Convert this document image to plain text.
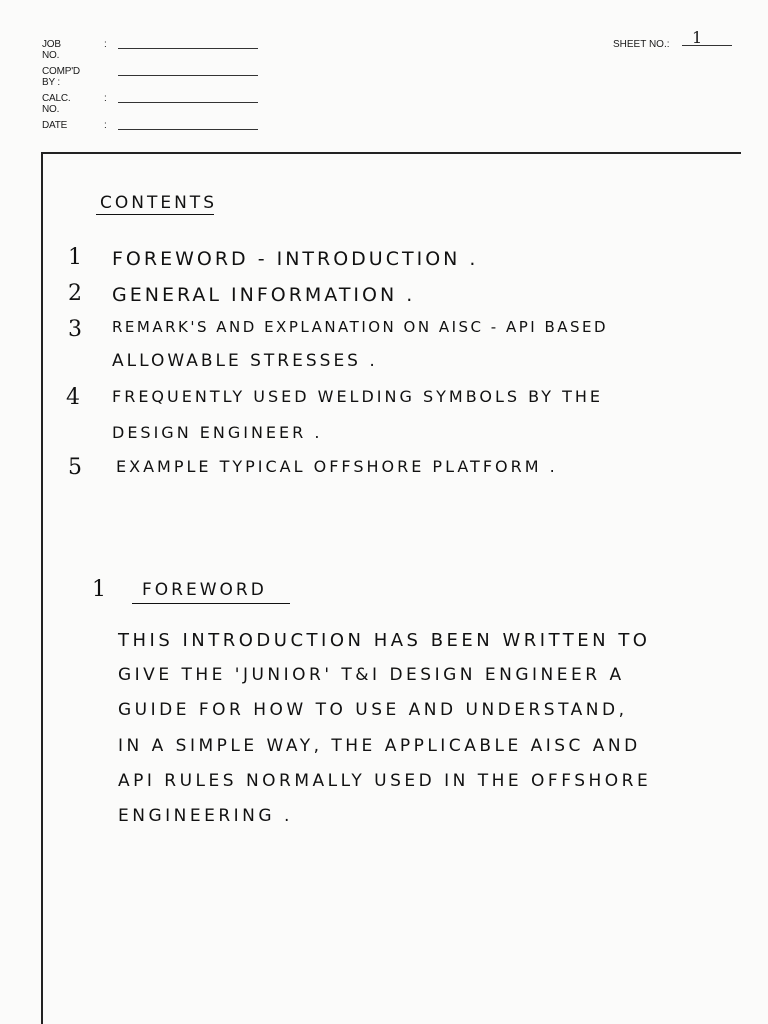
JOB NO.
:
COMP'D BY :
CALC. NO.
:
DATE	:
SHEET NO.: 1
CONTENTS
1 FOREWORD - INTRODUCTION .
2 GENERAL INFORMATION .
3 REMARK'S AND EXPLANATION ON AISC - API BASED
ALLOWABLE STRESSES .
4 FREQUENTLY USED WELDING SYMBOLS BY THE
DESIGN ENGINEER .
5 EXAMPLE TYPICAL OFFSHORE PLATFORM .
1 FOREWORD
THIS INTRODUCTION HAS BEEN WRITTEN TO
GIVE THE 'JUNIOR' T&I DESIGN ENGINEER A
GUIDE FOR HOW TO USE AND UNDERSTAND,
IN A SIMPLE WAY, THE APPLICABLE AISC AND
API RULES NORMALLY USED IN THE OFFSHORE
ENGINEERING .
